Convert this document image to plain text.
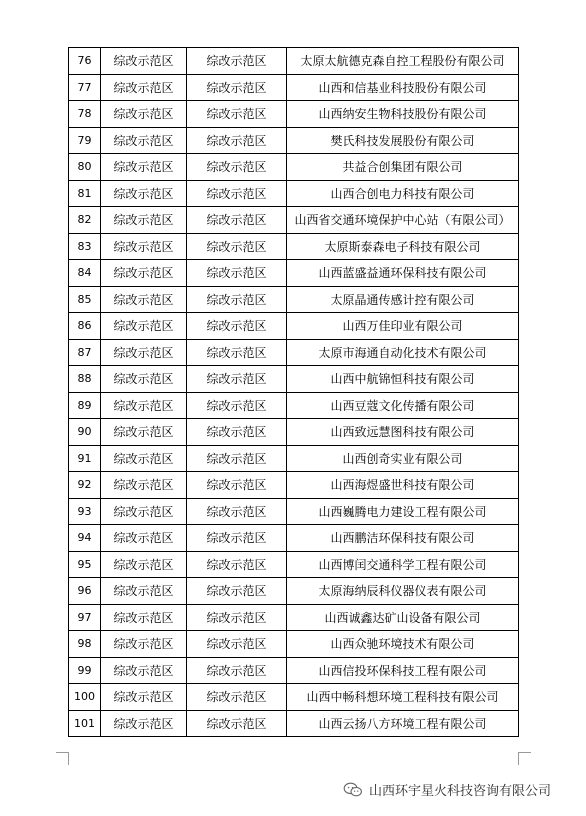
76	综改示范区	综改示范区	太原太航德克森自控工程股份有限公司
77	综改示范区	综改示范区	山西和信基业科技股份有限公司
78	综改示范区	综改示范区	山西纳安生物科技股份有限公司
79	综改示范区	综改示范区	樊氏科技发展股份有限公司
80	综改示范区	综改示范区	共益合创集团有限公司
81	综改示范区	综改示范区	山西合创电力科技有限公司
82	综改示范区	综改示范区	山西省交通环境保护中心站（有限公司）
83	综改示范区	综改示范区	太原斯泰森电子科技有限公司
84	综改示范区	综改示范区	山西蓝盛益通环保科技有限公司
85	综改示范区	综改示范区	太原晶通传感计控有限公司
86	综改示范区	综改示范区	山西万佳印业有限公司
87	综改示范区	综改示范区	太原市海通自动化技术有限公司
88	综改示范区	综改示范区	山西中航锦恒科技有限公司
89	综改示范区	综改示范区	山西豆蔻文化传播有限公司
90	综改示范区	综改示范区	山西致远慧图科技有限公司
91	综改示范区	综改示范区	山西创奇实业有限公司
92	综改示范区	综改示范区	山西海煜盛世科技有限公司
93	综改示范区	综改示范区	山西巍腾电力建设工程有限公司
94	综改示范区	综改示范区	山西鹏洁环保科技有限公司
95	综改示范区	综改示范区	山西博闰交通科学工程有限公司
96	综改示范区	综改示范区	太原海纳辰科仪器仪表有限公司
97	综改示范区	综改示范区	山西诚鑫达矿山设备有限公司
98	综改示范区	综改示范区	山西众驰环境技术有限公司
99	综改示范区	综改示范区	山西信投环保科技工程有限公司
100	综改示范区	综改示范区	山西中畅科想环境工程科技有限公司
101	综改示范区	综改示范区	山西云扬八方环境工程有限公司
山西环宇星火科技咨询有限公司
